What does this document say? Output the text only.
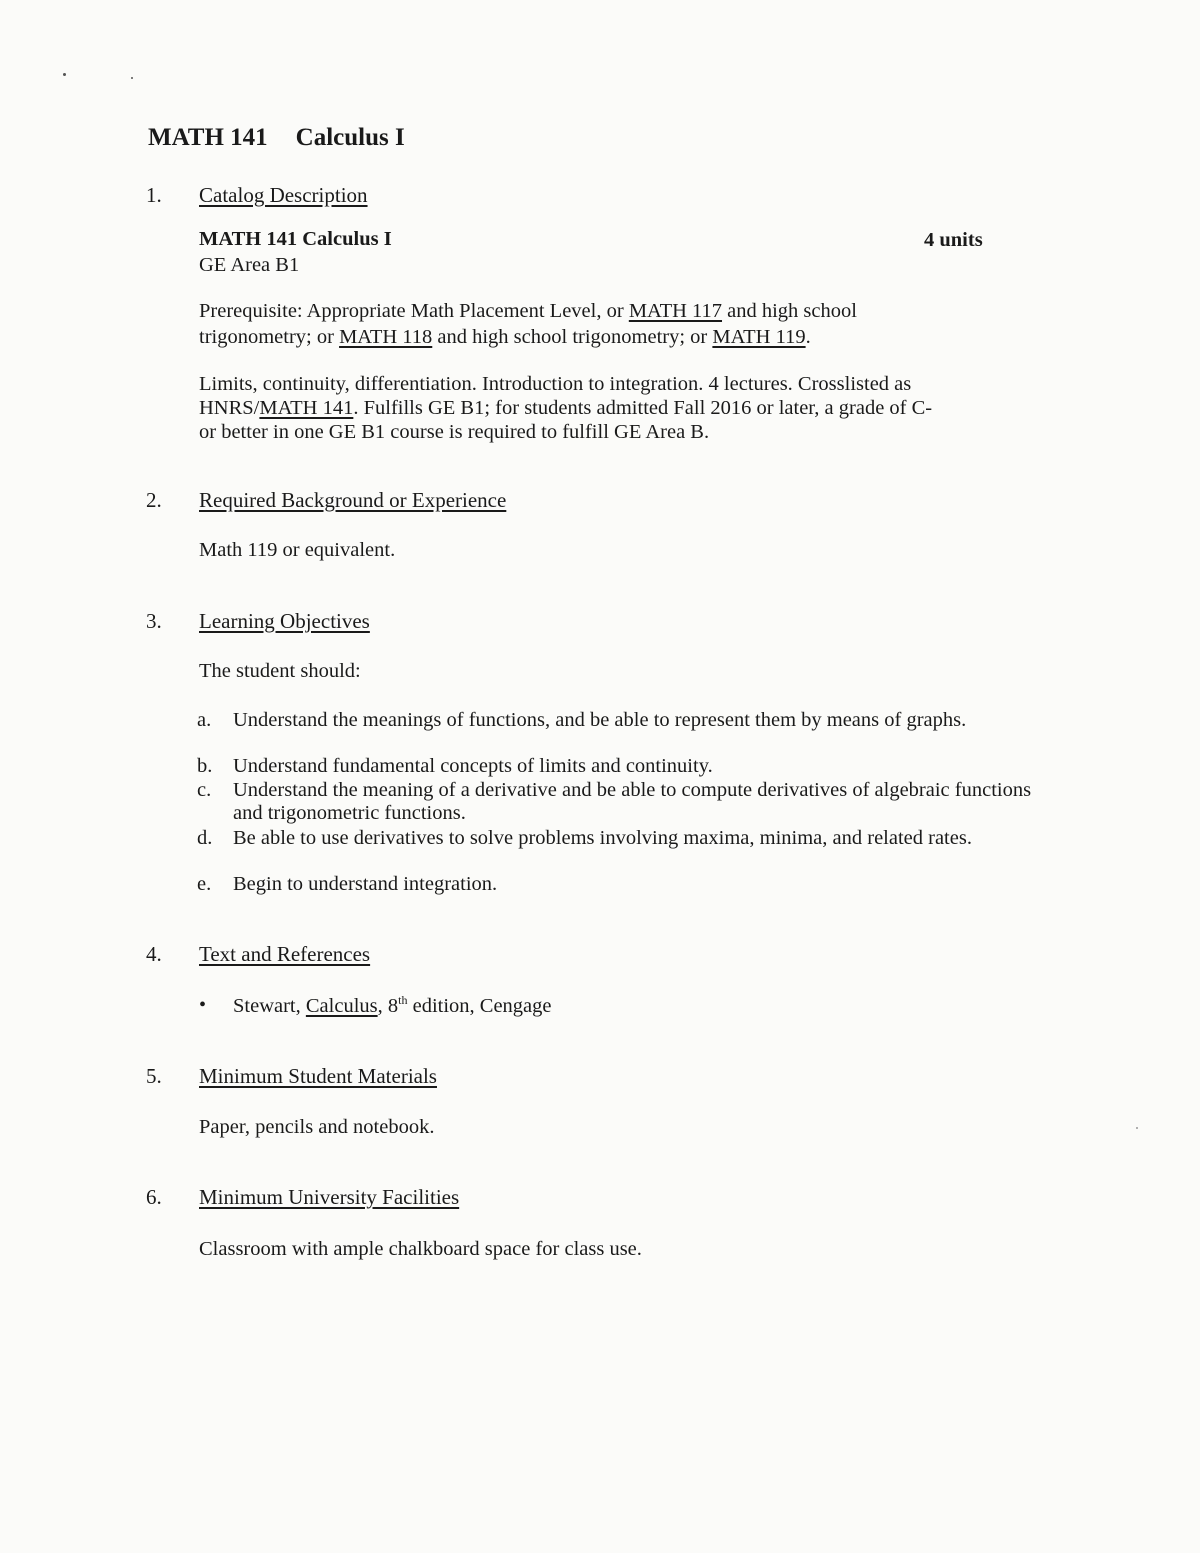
MATH 141 Calculus I
1.	Catalog Description
MATH 141 Calculus I	4 units
GE Area B1
Prerequisite: Appropriate Math Placement Level, or MATH 117 and high school
trigonometry; or MATH 118 and high school trigonometry; or MATH 119.
Limits, continuity, differentiation. Introduction to integration. 4 lectures. Crosslisted as
HNRS/MATH 141. Fulfills GE B1; for students admitted Fall 2016 or later, a grade of C-
or better in one GE B1 course is required to fulfill GE Area B.
2.	Required Background or Experience
Math 119 or equivalent.
3.	Learning Objectives
The student should:
a. Understand the meanings of functions, and be able to represent them by means of graphs.
b. Understand fundamental concepts of limits and continuity.
c. Understand the meaning of a derivative and be able to compute derivatives of algebraic functions and trigonometric functions.
d. Be able to use derivatives to solve problems involving maxima, minima, and related rates.
e. Begin to understand integration.
4.	Text and References
• Stewart, Calculus, 8th edition, Cengage
5.	Minimum Student Materials
Paper, pencils and notebook.
6.	Minimum University Facilities
Classroom with ample chalkboard space for class use.
